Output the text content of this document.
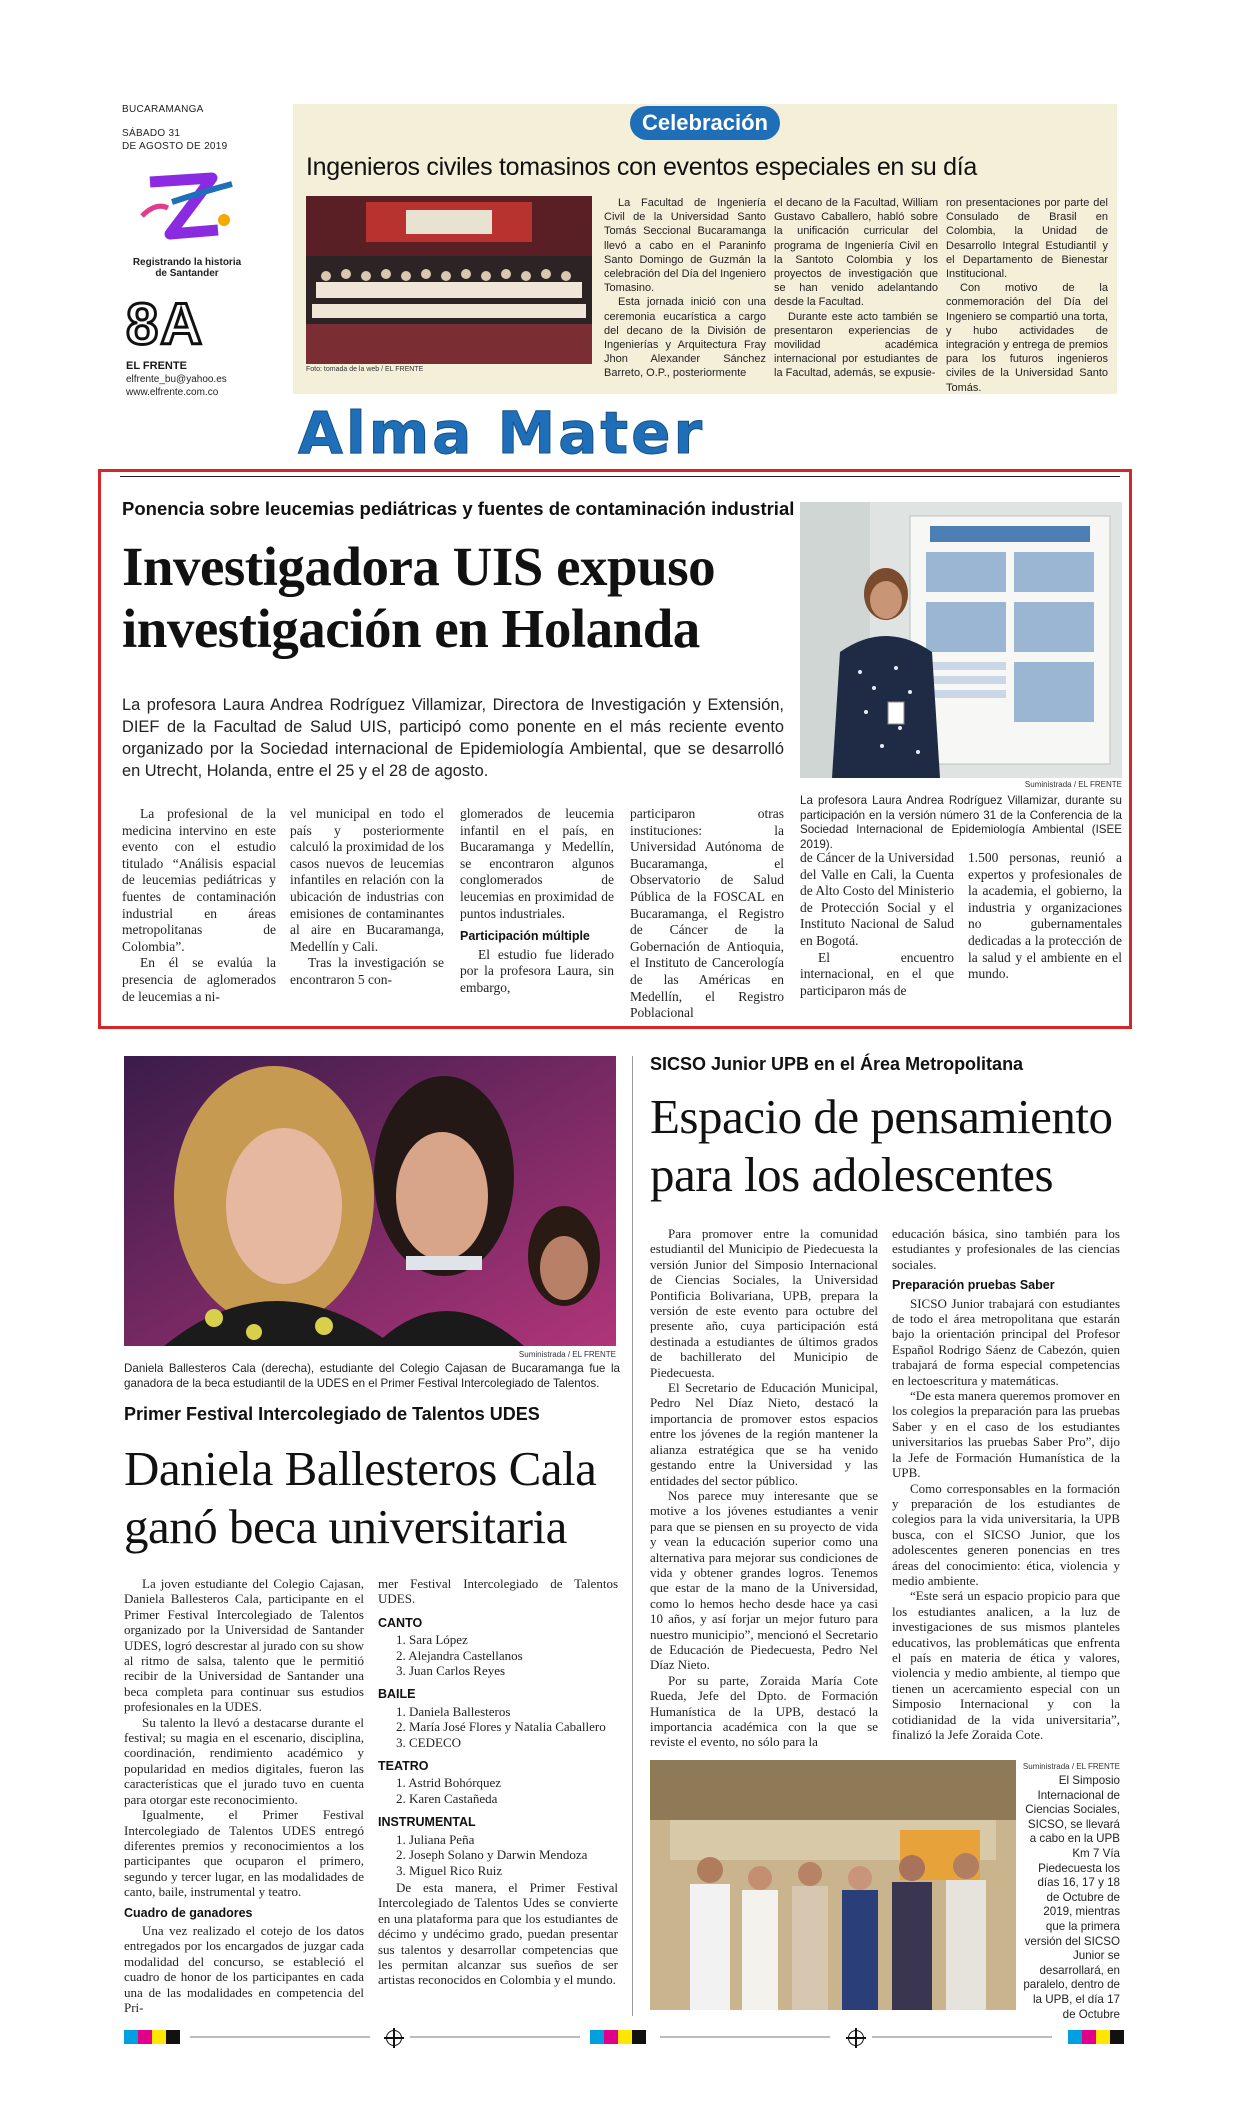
BUCARAMANGA
SÁBADO 31
DE AGOSTO DE 2019
Registrando la historia
de Santander
8A
EL FRENTE
elfrente_bu@yahoo.es
www.elfrente.com.co
Celebración
Ingenieros civiles tomasinos con eventos especiales en su día
Foto: tomada de la web / EL FRENTE

La Facultad de Ingeniería Civil de la Universidad Santo Tomás Seccional Bucaramanga llevó a cabo en el Paraninfo Santo Domingo de Guzmán la celebración del Día del Ingeniero Tomasino.

Esta jornada inició con una ceremonia eucarística a cargo del decano de la División de Ingenierías y Arquitectura Fray Jhon Alexander Sánchez Barreto, O.P., posteriormente

el decano de la Facultad, William Gustavo Caballero, habló sobre la unificación curricular del programa de Ingeniería Civil en la Santoto Colombia y los proyectos de investigación que se han venido adelantando desde la Facultad.

Durante este acto también se presentaron experiencias de movilidad académica internacional por estudiantes de la Facultad, además, se expusie-

ron presentaciones por parte del Consulado de Brasil en Colombia, la Unidad de Desarrollo Integral Estudiantil y el Departamento de Bienestar Institucional.

Con motivo de la conmemoración del Día del Ingeniero se compartió una torta, y hubo actividades de integración y entrega de premios para los futuros ingenieros civiles de la Universidad Santo Tomás.

Alma Mater
Ponencia sobre leucemias pediátricas y fuentes de contaminación industrial
Investigadora UIS expuso
investigación en Holanda
La profesora Laura Andrea Rodríguez Villamizar, Directora de Investigación y Extensión, DIEF de la Facultad de Salud UIS, participó como ponente en el más reciente evento organizado por la Sociedad internacional de Epidemiología Ambiental, que se desarrolló en Utrecht, Holanda, entre el 25 y el 28 de agosto.
Suministrada / EL FRENTE
La profesora Laura Andrea Rodríguez Villamizar, durante su participación en la versión número 31 de la Conferencia de la Sociedad Internacional de Epidemiología Ambiental (ISEE 2019).

La profesional de la medicina intervino en este evento con el estudio titulado “Análisis espacial de leucemias pediátricas y fuentes de contaminación industrial en áreas metropolitanas de Colombia”.

En él se evalúa la presencia de aglomerados de leucemias a ni-

vel municipal en todo el país y posteriormente calculó la proximidad de los casos nuevos de leucemias infantiles en relación con la ubicación de industrias con emisiones de contaminantes al aire en Bucaramanga, Medellín y Cali.

Tras la investigación se encontraron 5 con-

glomerados de leucemia infantil en el país, en Bucaramanga y Medellín, se encontraron algunos conglomerados de leucemias en proximidad de puntos industriales.

Participación múltiple

El estudio fue liderado por la profesora Laura, sin embargo,

participaron otras instituciones: la Universidad Autónoma de Bucaramanga, el Observatorio de Salud Pública de la FOSCAL en Bucaramanga, el Registro de Cáncer de la Gobernación de Antioquia, el Instituto de Cancerología de las Américas en Medellín, el Registro Poblacional

de Cáncer de la Universidad del Valle en Cali, la Cuenta de Alto Costo del Ministerio de Protección Social y el Instituto Nacional de Salud en Bogotá.

El encuentro internacional, en el que participaron más de

1.500 personas, reunió a expertos y profesionales de la academia, el gobierno, la industria y organizaciones no gubernamentales dedicadas a la protección de la salud y el ambiente en el mundo.

Suministrada / EL FRENTE
Daniela Ballesteros Cala (derecha), estudiante del Colegio Cajasan de Bucaramanga fue la ganadora de la beca estudiantil de la UDES en el Primer Festival Intercolegiado de Talentos.
Primer Festival Intercolegiado de Talentos UDES
Daniela Ballesteros Cala
ganó beca universitaria

La joven estudiante del Colegio Cajasan, Daniela Ballesteros Cala, participante en el Primer Festival Intercolegiado de Talentos organizado por la Universidad de Santander UDES, logró descrestar al jurado con su show al ritmo de salsa, talento que le permitió recibir de la Universidad de Santander una beca completa para continuar sus estudios profesionales en la UDES.

Su talento la llevó a destacarse durante el festival; su magia en el escenario, disciplina, coordinación, rendimiento académico y popularidad en medios digitales, fueron las características que el jurado tuvo en cuenta para otorgar este reconocimiento.

Igualmente, el Primer Festival Intercolegiado de Talentos UDES entregó diferentes premios y reconocimientos a los participantes que ocuparon el primero, segundo y tercer lugar, en las modalidades de canto, baile, instrumental y teatro.

Cuadro de ganadores

Una vez realizado el cotejo de los datos entregados por los encargados de juzgar cada modalidad del concurso, se estableció el cuadro de honor de los participantes en cada una de las modalidades en competencia del Pri-

mer Festival Intercolegiado de Talentos UDES.

CANTO
1. Sara López
2. Alejandra Castellanos
3. Juan Carlos Reyes
BAILE
1. Daniela Ballesteros
2. María José Flores y Natalia Caballero
3. CEDECO
TEATRO
1. Astrid Bohórquez
2. Karen Castañeda
INSTRUMENTAL
1. Juliana Peña
2. Joseph Solano y Darwin Mendoza
3. Miguel Rico Ruiz

De esta manera, el Primer Festival Intercolegiado de Talentos Udes se convierte en una plataforma para que los estudiantes de décimo y undécimo grado, puedan presentar sus talentos y desarrollar competencias que les permitan alcanzar sus sueños de ser artistas reconocidos en Colombia y el mundo.

SICSO Junior UPB en el Área Metropolitana
Espacio de pensamiento
para los adolescentes

Para promover entre la comunidad estudiantil del Municipio de Piedecuesta la versión Junior del Simposio Internacional de Ciencias Sociales, la Universidad Pontificia Bolivariana, UPB, prepara la versión de este evento para octubre del presente año, cuya participación está destinada a estudiantes de últimos grados de bachillerato del Municipio de Piedecuesta.

El Secretario de Educación Municipal, Pedro Nel Díaz Nieto, destacó la importancia de promover estos espacios entre los jóvenes de la región mantener la alianza estratégica que se ha venido gestando entre la Universidad y las entidades del sector público.

Nos parece muy interesante que se motive a los jóvenes estudiantes a venir para que se piensen en su proyecto de vida y vean la educación superior como una alternativa para mejorar sus condiciones de vida y obtener grandes logros. Tenemos que estar de la mano de la Universidad, como lo hemos hecho desde hace ya casi 10 años, y así forjar un mejor futuro para nuestro municipio”, mencionó el Secretario de Educación de Piedecuesta, Pedro Nel Díaz Nieto.

Por su parte, Zoraida María Cote Rueda, Jefe del Dpto. de Formación Humanística de la UPB, destacó la importancia académica con la que se reviste el evento, no sólo para la

educación básica, sino también para los estudiantes y profesionales de las ciencias sociales.

Preparación pruebas Saber

SICSO Junior trabajará con estudiantes de todo el área metropolitana que estarán bajo la orientación principal del Profesor Español Rodrigo Sáenz de Cabezón, quien trabajará de forma especial competencias en lectoescritura y matemáticas.

“De esta manera queremos promover en los colegios la preparación para las pruebas Saber y en el caso de los estudiantes universitarios las pruebas Saber Pro”, dijo la Jefe de Formación Humanística de la UPB.

Como corresponsables en la formación y preparación de los estudiantes de colegios para la vida universitaria, la UPB busca, con el SICSO Junior, que los adolescentes generen ponencias en tres áreas del conocimiento: ética, violencia y medio ambiente.

“Este será un espacio propicio para que los estudiantes analicen, a la luz de investigaciones de sus mismos planteles educativos, las problemáticas que enfrenta el país en materia de ética y valores, violencia y medio ambiente, al tiempo que tienen un acercamiento especial con un Simposio Internacional y con la cotidianidad de la vida universitaria”, finalizó la Jefe Zoraida Cote.

Suministrada / EL FRENTE
El Simposio Internacional de Ciencias Sociales, SICSO, se llevará a cabo en la UPB Km 7 Vía Piedecuesta los días 16, 17 y 18 de Octubre de 2019, mientras que la primera versión del SICSO Junior se desarrollará, en paralelo, dentro de la UPB, el día 17 de Octubre
